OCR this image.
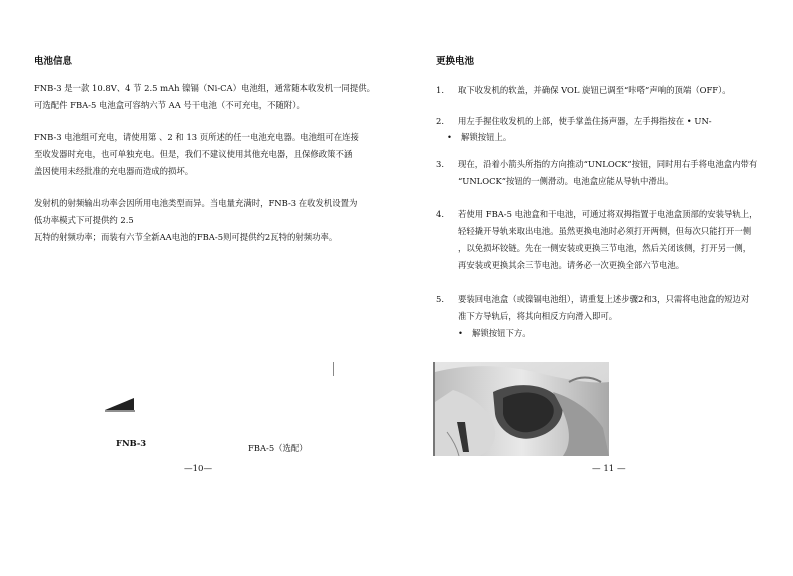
电池信息

FNB-3 是一款 10.8V、4 节 2.5 mAh 镍镉（Ni-CA）电池组，通常随本收发机一同提供。

可选配件 FBA-5 电池盒可容纳六节 AA 号干电池（不可充电，不随附）。

FNB-3 电池组可充电，请使用第 、2 和 13 页所述的任一电池充电器。电池组可在连接

至收发器时充电，也可单独充电。但是，我们不建议使用其他充电器，且保修政策不涵

盖因使用未经批准的充电器而造成的损坏。

发射机的射频输出功率会因所用电池类型而异。当电量充满时，FNB-3 在收发机设置为

低功率模式下可提供约 2.5

瓦特的射频功率；而装有六节全新AA电池的FBA-5则可提供约2瓦特的射频功率。

FNB-3	FBA-5（选配）
—10—
更换电池
1. 取下收发机的软盖，并确保 VOL 旋钮已调至“咔嗒”声响的顶端（OFF）。

2. 用左手握住收发机的上部，使手掌盖住扬声器，左手拇指按在 • UN-

• 解锁按钮上。
3. 现在，沿着小箭头所指的方向推动“UNLOCK”按钮，同时用右手将电池盒内带有

“UNLOCK”按钮的一侧滑动。电池盒应能从导轨中滑出。

4. 若使用 FBA-5 电池盒和干电池，可通过将双拇指置于电池盒顶部的安装导轨上，

轻轻撬开导轨来取出电池。虽然更换电池时必须打开两侧，但每次只能打开一侧

，以免损坏铰链。先在一侧安装或更换三节电池，然后关闭该侧，打开另一侧，

再安装或更换其余三节电池。请务必一次更换全部六节电池。

5. 要装回电池盒（或镍镉电池组），请重复上述步骤2和3，只需将电池盒的短边对

准下方导轨后，将其向相反方向滑入即可。

• 解锁按钮下方。
— 11 —
